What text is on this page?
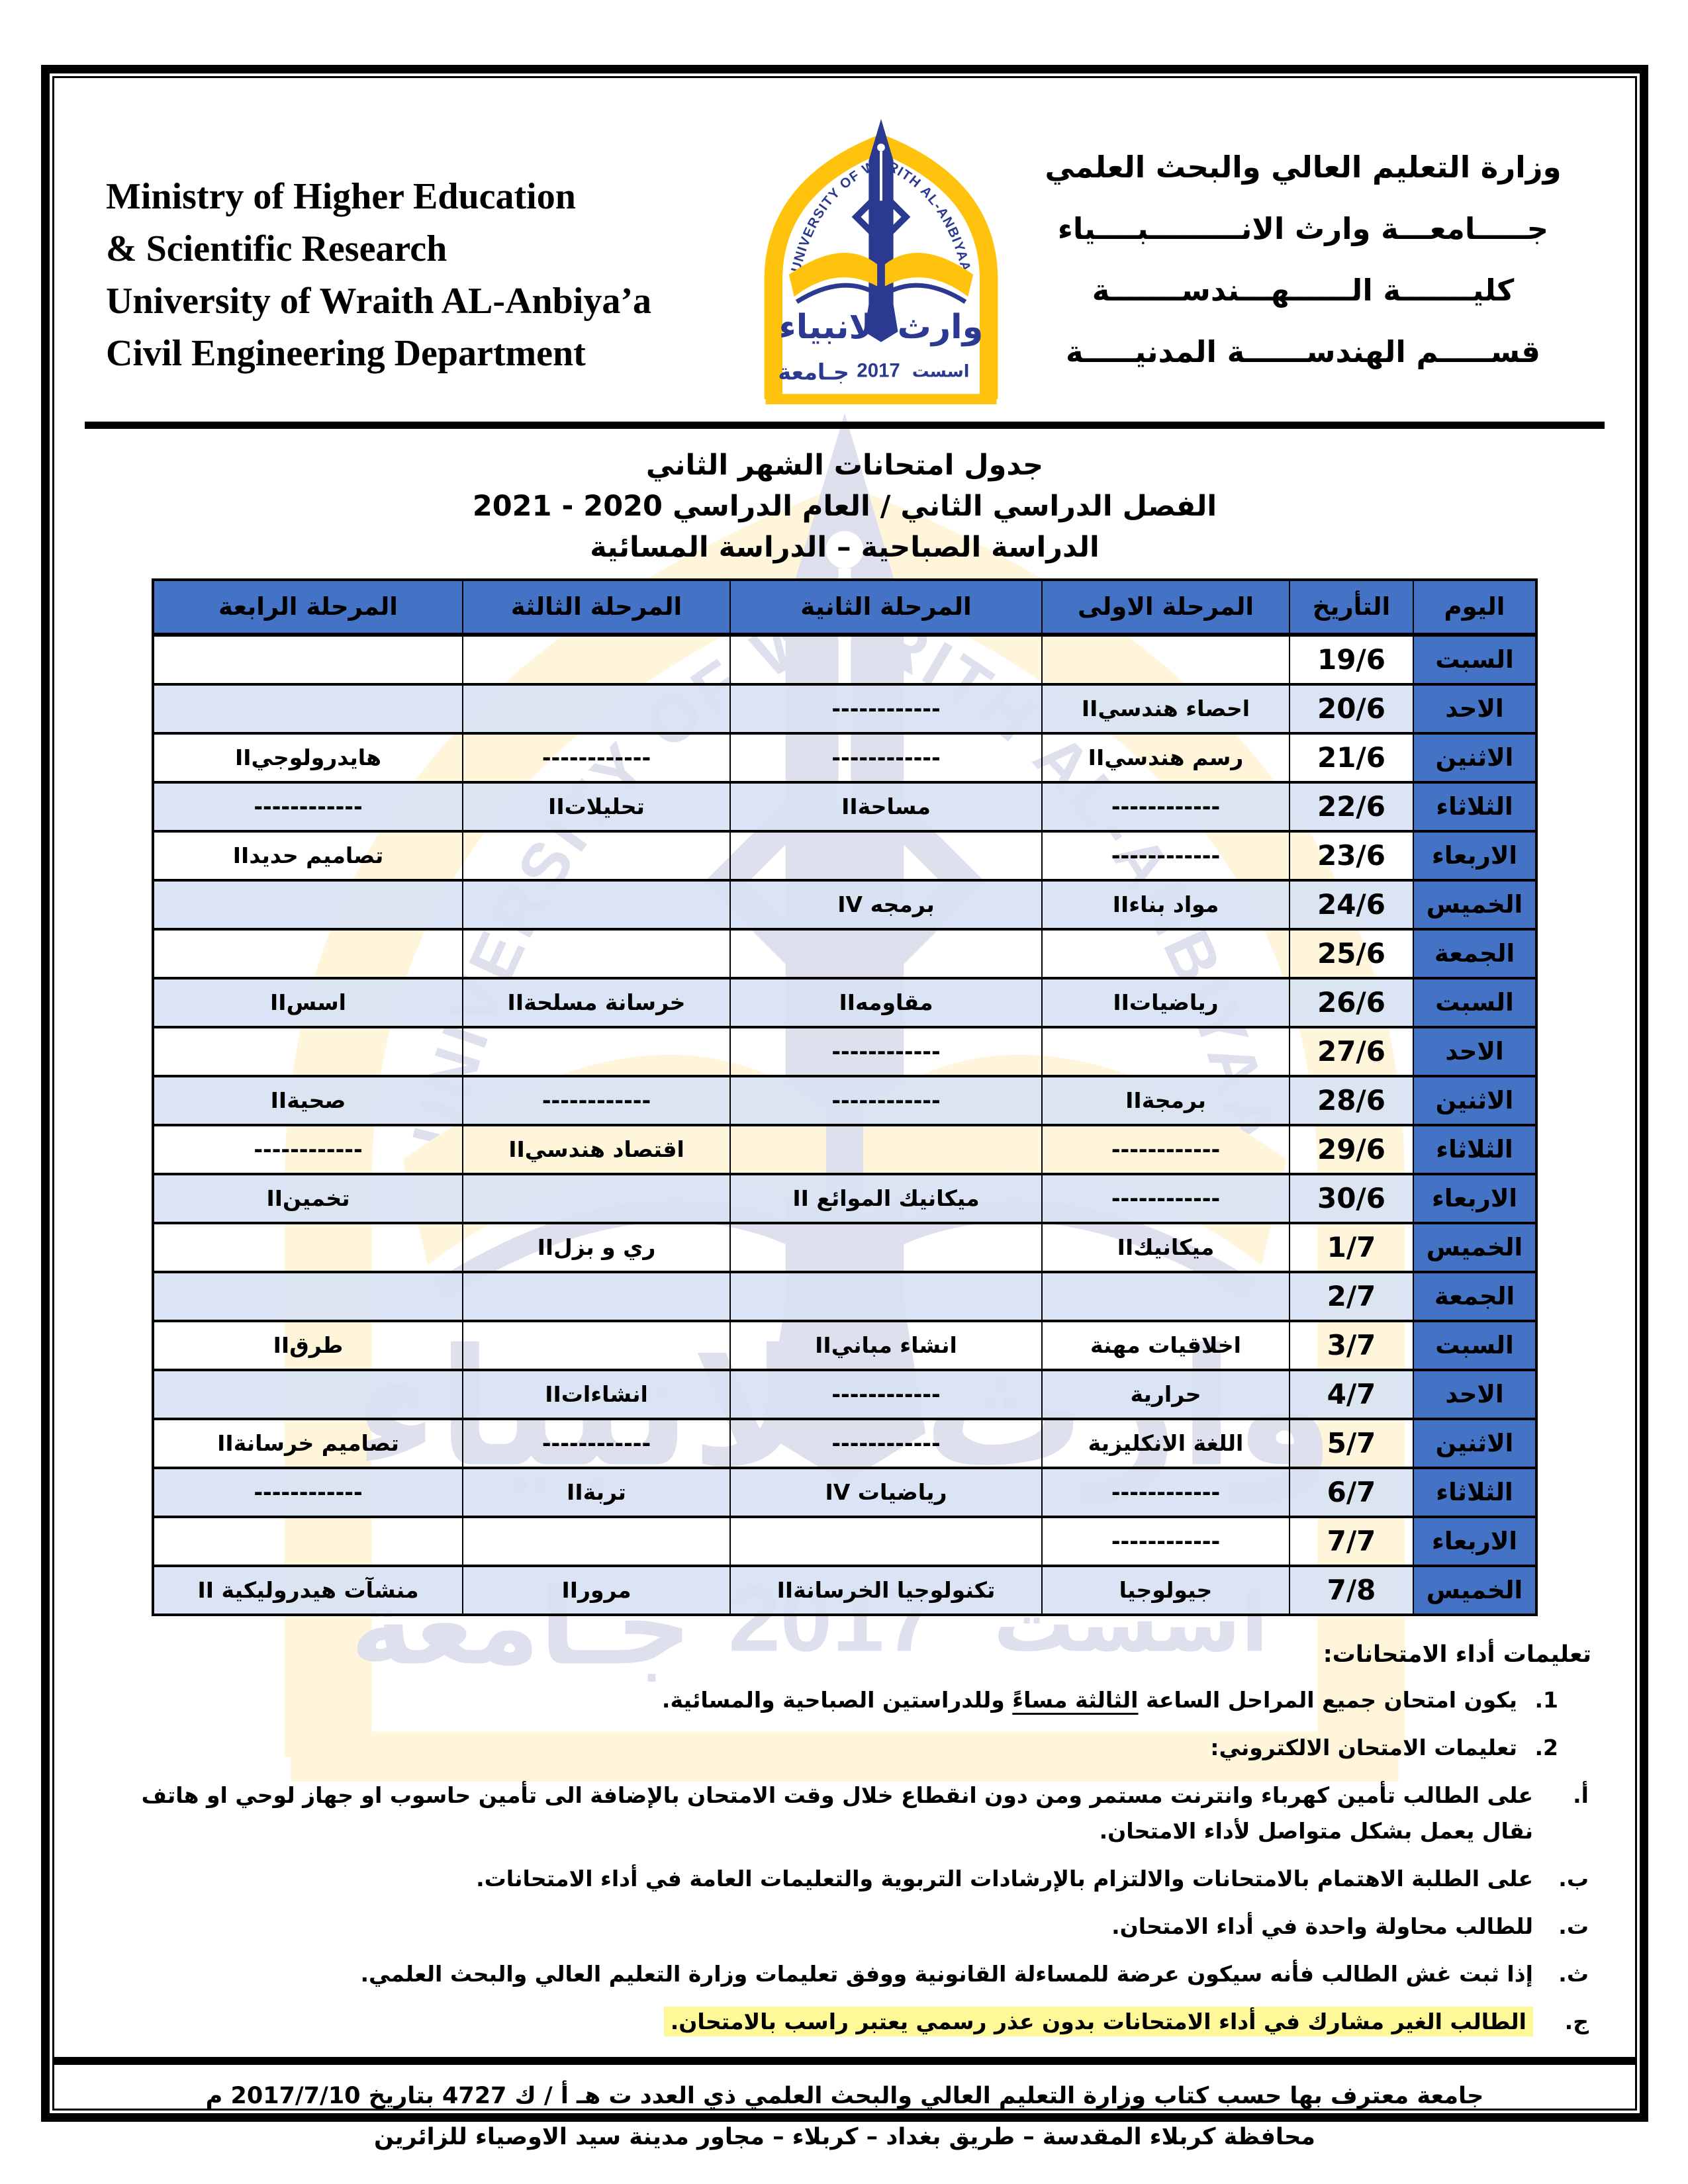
Ministry of Higher Education
& Scientific Research
University of Wraith AL-Anbiya’a
Civil Engineering Department
وزارة التعليم العالي والبحث العلمي
جـــــامعـــة وارث الانـــــــــبــــياء
كليـــــــة الــــــهـــندســـــــة
قســـــم الهندســــــة المدنيـــــة
جدول امتحانات الشهر الثاني
الفصل الدراسي الثاني / العام الدراسي 2020 - 2021
الدراسة الصباحية – الدراسة المسائية
اليوم	التأريخ	المرحلة الاولى	المرحلة الثانية	المرحلة الثالثة	المرحلة الرابعة
السبت	19/6				
الاحد	20/6	احصاء هندسيII	------------		
الاثنين	21/6	رسم هندسيII	------------	------------	هايدرولوجيII
الثلاثاء	22/6	------------	مساحةII	تحليلاتII	------------
الاربعاء	23/6	------------			تصاميم حديدII
الخميس	24/6	مواد بناءII	برمجه IV		
الجمعة	25/6				
السبت	26/6	رياضياتII	مقاومهII	خرسانة مسلحةII	اسسII
الاحد	27/6		------------		
الاثنين	28/6	برمجةII	------------	------------	صحيةII
الثلاثاء	29/6	------------		اقتصاد هندسيII	------------
الاربعاء	30/6	------------	ميكانيك الموائع II		تخمينII
الخميس	1/7	ميكانيكII		ري و بزلII	
الجمعة	2/7				
السبت	3/7	اخلاقيات مهنة	انشاء مبانيII		طرقII
الاحد	4/7	حرارية	------------	انشاءاتII	
الاثنين	5/7	اللغة الانكليزية	------------	------------	تصاميم خرسانةII
الثلاثاء	6/7	------------	رياضيات IV	تربةII	------------
الاربعاء	7/7	------------			
الخميس	7/8	جيولوجيا	تكنولوجيا الخرسانةII	مرورII	منشآت هيدروليكية II
تعليمات أداء الامتحانات:
1.
يكون امتحان جميع المراحل الساعة الثالثة مساءً وللدراستين الصباحية والمسائية.
2.
تعليمات الامتحان الالكتروني:
أ.
على الطالب تأمين كهرباء وانترنت مستمر ومن دون انقطاع خلال وقت الامتحان بالإضافة الى تأمين حاسوب او جهاز لوحي او هاتف نقال يعمل بشكل متواصل لأداء الامتحان.
ب.
على الطلبة الاهتمام بالامتحانات والالتزام بالإرشادات التربوية والتعليمات العامة في أداء الامتحانات.
ت.
للطالب محاولة واحدة في أداء الامتحان.
ث.
إذا ثبت غش الطالب فأنه سيكون عرضة للمساءلة القانونية ووفق تعليمات وزارة التعليم العالي والبحث العلمي.
ج.
الطالب الغير مشارك في أداء الامتحانات بدون عذر رسمي يعتبر راسب بالامتحان.
جامعة معترف بها حسب كتاب وزارة التعليم العالي والبحث العلمي ذي العدد ت هـ أ / ك 4727 بتاريخ 2017/7/10 م
محافظة كربلاء المقدسة – طريق بغداد – كربلاء – مجاور مدينة سيد الاوصياء للزائرين
